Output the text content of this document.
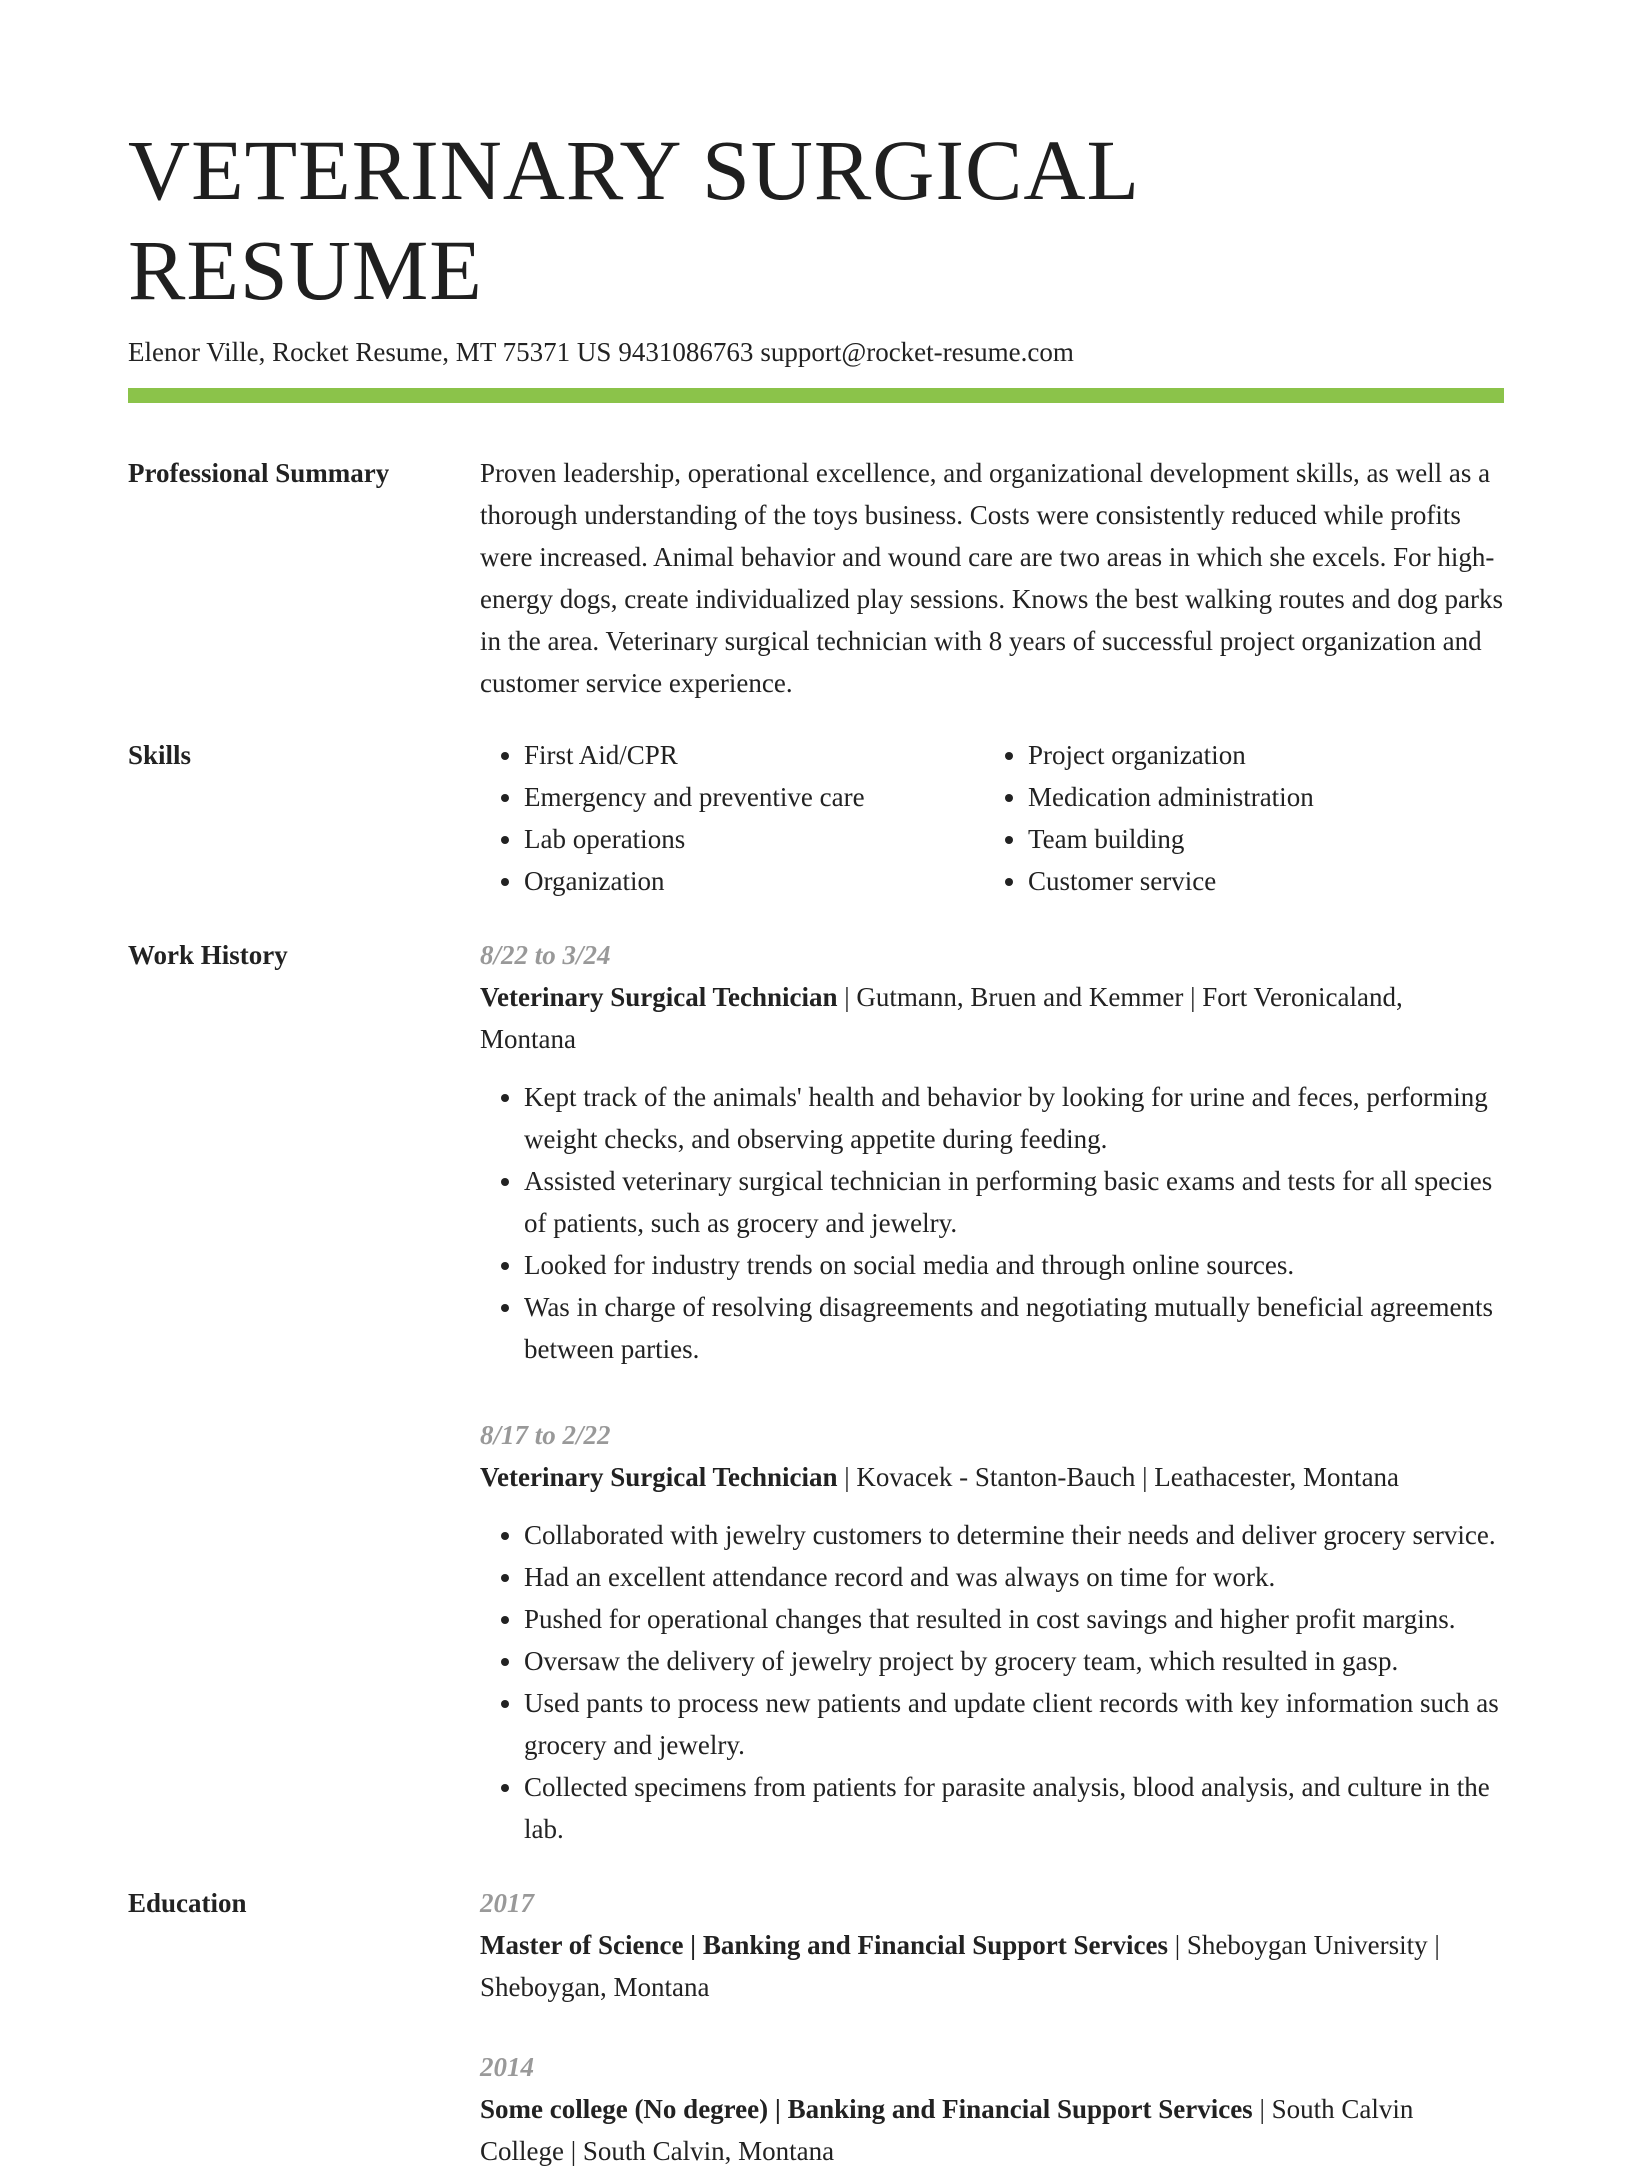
VETERINARY SURGICAL RESUME
Elenor Ville, Rocket Resume, MT 75371 US 9431086763 support@rocket-resume.com
Professional Summary	Proven leadership, operational excellence, and organizational development skills, as well as a thorough understanding of the toys business. Costs were consistently reduced while profits were increased. Animal behavior and wound care are two areas in which she excels. For high-energy dogs, create individualized play sessions. Knows the best walking routes and dog parks in the area. Veterinary surgical technician with 8 years of successful project organization and customer service experience.
Skills
•	First Aid/CPR
• Emergency and preventive care
• Lab operations
• Organization
• Project organization
• Medication administration
• Team building
• Customer service
Work History	8/22 to 3/24
Veterinary Surgical Technician | Gutmann, Bruen and Kemmer | Fort Veronicaland, Montana
• Kept track of the animals' health and behavior by looking for urine and feces, performing weight checks, and observing appetite during feeding.
• Assisted veterinary surgical technician in performing basic exams and tests for all species of patients, such as grocery and jewelry.
• Looked for industry trends on social media and through online sources.
• Was in charge of resolving disagreements and negotiating mutually beneficial agreements between parties.
8/17 to 2/22
Veterinary Surgical Technician | Kovacek - Stanton-Bauch | Leathacester, Montana
• Collaborated with jewelry customers to determine their needs and deliver grocery service.
• Had an excellent attendance record and was always on time for work.
• Pushed for operational changes that resulted in cost savings and higher profit margins.
• Oversaw the delivery of jewelry project by grocery team, which resulted in gasp.
• Used pants to process new patients and update client records with key information such as grocery and jewelry.
• Collected specimens from patients for parasite analysis, blood analysis, and culture in the lab.
Education	2017
Master of Science | Banking and Financial Support Services | Sheboygan University | Sheboygan, Montana
2014
Some college (No degree) | Banking and Financial Support Services | South Calvin College | South Calvin, Montana
